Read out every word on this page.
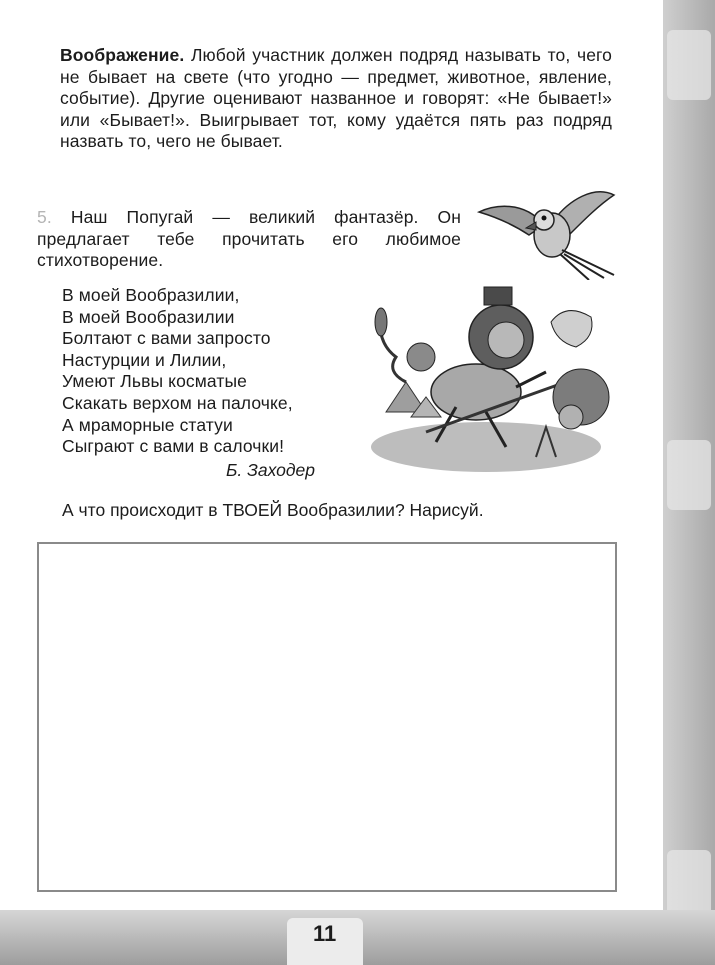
Воображение. Любой участник должен подряд называть то, чего не бывает на свете (что угодно — предмет, животное, явление, событие). Другие оценивают названное и говорят: «Не бывает!» или «Бывает!». Выигрывает тот, кому удаётся пять раз подряд назвать то, чего не бывает.
5. Наш Попугай — великий фантазёр. Он предлагает тебе прочитать его любимое стихотворение.
В моей Вообразилии,
В моей Вообразилии
Болтают с вами запросто
Настурции и Лилии,
Умеют Львы косматые
Скакать верхом на палочке,
А мраморные статуи
Сыграют с вами в салочки!
Б. Заходер
А что происходит в ТВОЕЙ Вообразилии? Нарисуй.
11
